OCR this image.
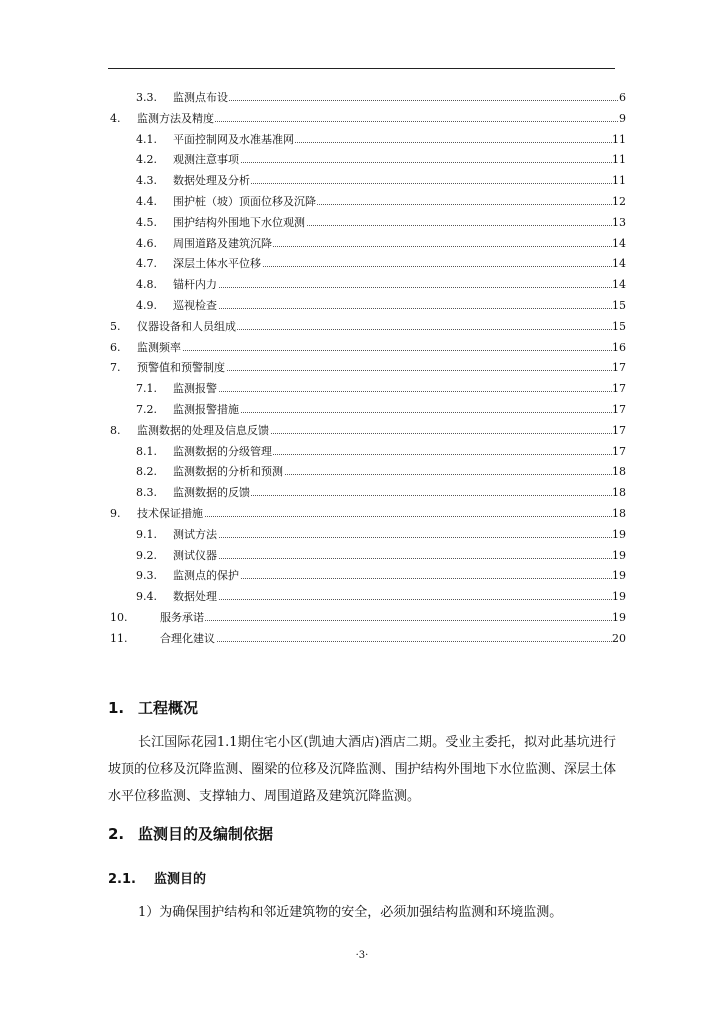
3.3. 监测点布设	6
4. 监测方法及精度	9
4.1. 平面控制网及水准基准网	11
4.2. 观测注意事项	11
4.3. 数据处理及分析	11
4.4. 围护桩（坡）顶面位移及沉降	12
4.5. 围护结构外围地下水位观测	13
4.6. 周围道路及建筑沉降	14
4.7. 深层土体水平位移	14
4.8. 锚杆内力	14
4.9. 巡视检查	15
5. 仪器设备和人员组成	15
6. 监测频率	16
7. 预警值和预警制度	17
7.1. 监测报警	17
7.2. 监测报警措施	17
8. 监测数据的处理及信息反馈	17
8.1. 监测数据的分级管理	17
8.2. 监测数据的分析和预测	18
8.3. 监测数据的反馈	18
9. 技术保证措施	18
9.1. 测试方法	19
9.2. 测试仪器	19
9.3. 监测点的保护	19
9.4. 数据处理	19
10.	服务承诺	19
11.	合理化建议	20
1. 工程概况
长江国际花园1.1期住宅小区(凯迪大酒店)酒店二期。受业主委托，拟对此基坑进行坡顶的位移及沉降监测、圈梁的位移及沉降监测、围护结构外围地下水位监测、深层土体水平位移监测、支撑轴力、周围道路及建筑沉降监测。
2. 监测目的及编制依据
2.1. 监测目的
1）为确保围护结构和邻近建筑物的安全，必须加强结构监测和环境监测。
·3·
